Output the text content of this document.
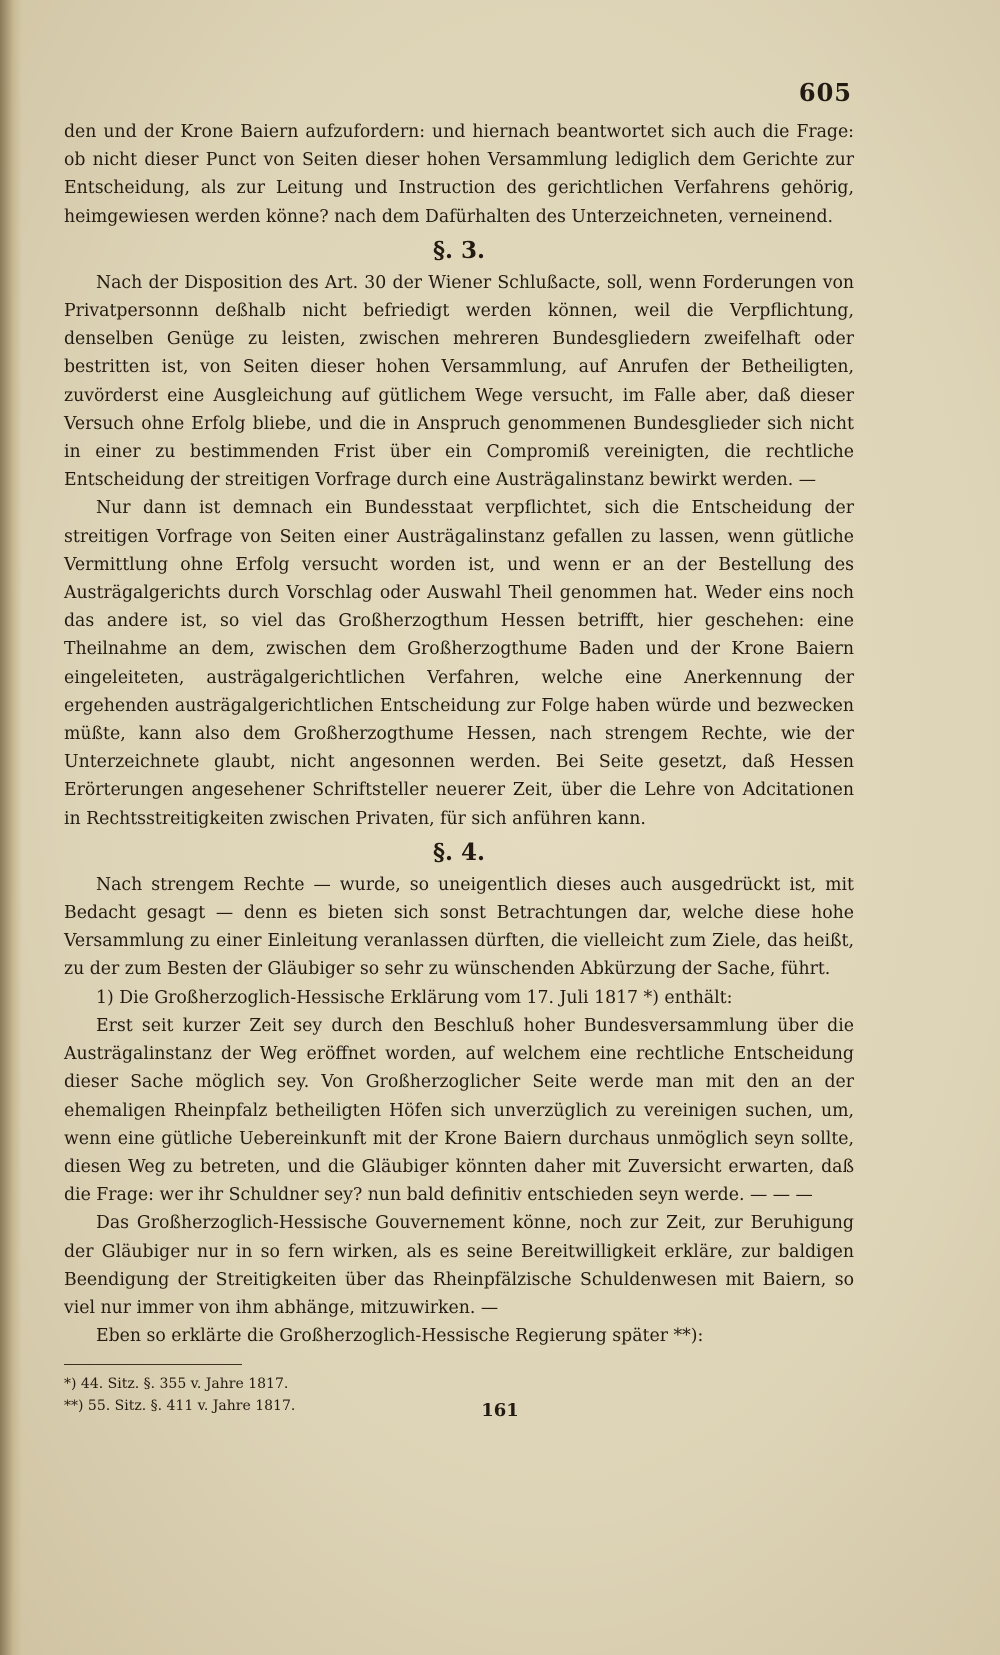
605

den und der Krone Baiern aufzufordern: und hiernach beantwortet sich auch die Frage: ob nicht dieser Punct von Seiten dieser hohen Versammlung lediglich dem Gerichte zur Entscheidung, als zur Leitung und Instruction des gerichtlichen Verfahrens gehörig, heimgewiesen werden könne? nach dem Dafürhalten des Unterzeichneten, verneinend.

§. 3.

Nach der Disposition des Art. 30 der Wiener Schlußacte, soll, wenn Forderungen von Privatpersonnn deßhalb nicht befriedigt werden können, weil die Verpflichtung, denselben Genüge zu leisten, zwischen mehreren Bundesgliedern zweifelhaft oder bestritten ist, von Seiten dieser hohen Versammlung, auf Anrufen der Betheiligten, zuvörderst eine Ausgleichung auf gütlichem Wege versucht, im Falle aber, daß dieser Versuch ohne Erfolg bliebe, und die in Anspruch genommenen Bundesglieder sich nicht in einer zu bestimmenden Frist über ein Compromiß vereinigten, die rechtliche Entscheidung der streitigen Vorfrage durch eine Austrägalinstanz bewirkt werden. —

Nur dann ist demnach ein Bundesstaat verpflichtet, sich die Entscheidung der streitigen Vorfrage von Seiten einer Austrägalinstanz gefallen zu lassen, wenn gütliche Vermittlung ohne Erfolg versucht worden ist, und wenn er an der Bestellung des Austrägalgerichts durch Vorschlag oder Auswahl Theil genommen hat. Weder eins noch das andere ist, so viel das Großherzogthum Hessen betrifft, hier geschehen: eine Theilnahme an dem, zwischen dem Großherzogthume Baden und der Krone Baiern eingeleiteten, austrägalgerichtlichen Verfahren, welche eine Anerkennung der ergehenden austrägalgerichtlichen Entscheidung zur Folge haben würde und bezwecken müßte, kann also dem Großherzogthume Hessen, nach strengem Rechte, wie der Unterzeichnete glaubt, nicht angesonnen werden. Bei Seite gesetzt, daß Hessen Erörterungen angesehener Schriftsteller neuerer Zeit, über die Lehre von Adcitationen in Rechtsstreitigkeiten zwischen Privaten, für sich anführen kann.

§. 4.

Nach strengem Rechte — wurde, so uneigentlich dieses auch ausgedrückt ist, mit Bedacht gesagt — denn es bieten sich sonst Betrachtungen dar, welche diese hohe Versammlung zu einer Einleitung veranlassen dürften, die vielleicht zum Ziele, das heißt, zu der zum Besten der Gläubiger so sehr zu wünschenden Abkürzung der Sache, führt.

1) Die Großherzoglich-Hessische Erklärung vom 17. Juli 1817 *) enthält:

Erst seit kurzer Zeit sey durch den Beschluß hoher Bundesversammlung über die Austrägalinstanz der Weg eröffnet worden, auf welchem eine rechtliche Entscheidung dieser Sache möglich sey. Von Großherzoglicher Seite werde man mit den an der ehemaligen Rheinpfalz betheiligten Höfen sich unverzüglich zu vereinigen suchen, um, wenn eine gütliche Uebereinkunft mit der Krone Baiern durchaus unmöglich seyn sollte, diesen Weg zu betreten, und die Gläubiger könnten daher mit Zuversicht erwarten, daß die Frage: wer ihr Schuldner sey? nun bald definitiv entschieden seyn werde. — — —

Das Großherzoglich-Hessische Gouvernement könne, noch zur Zeit, zur Beruhigung der Gläubiger nur in so fern wirken, als es seine Bereitwilligkeit erkläre, zur baldigen Beendigung der Streitigkeiten über das Rheinpfälzische Schuldenwesen mit Baiern, so viel nur immer von ihm abhänge, mitzuwirken. —

Eben so erklärte die Großherzoglich-Hessische Regierung später **):

*) 44. Sitz. §. 355 v. Jahre 1817.

**) 55. Sitz. §. 411 v. Jahre 1817.	161
